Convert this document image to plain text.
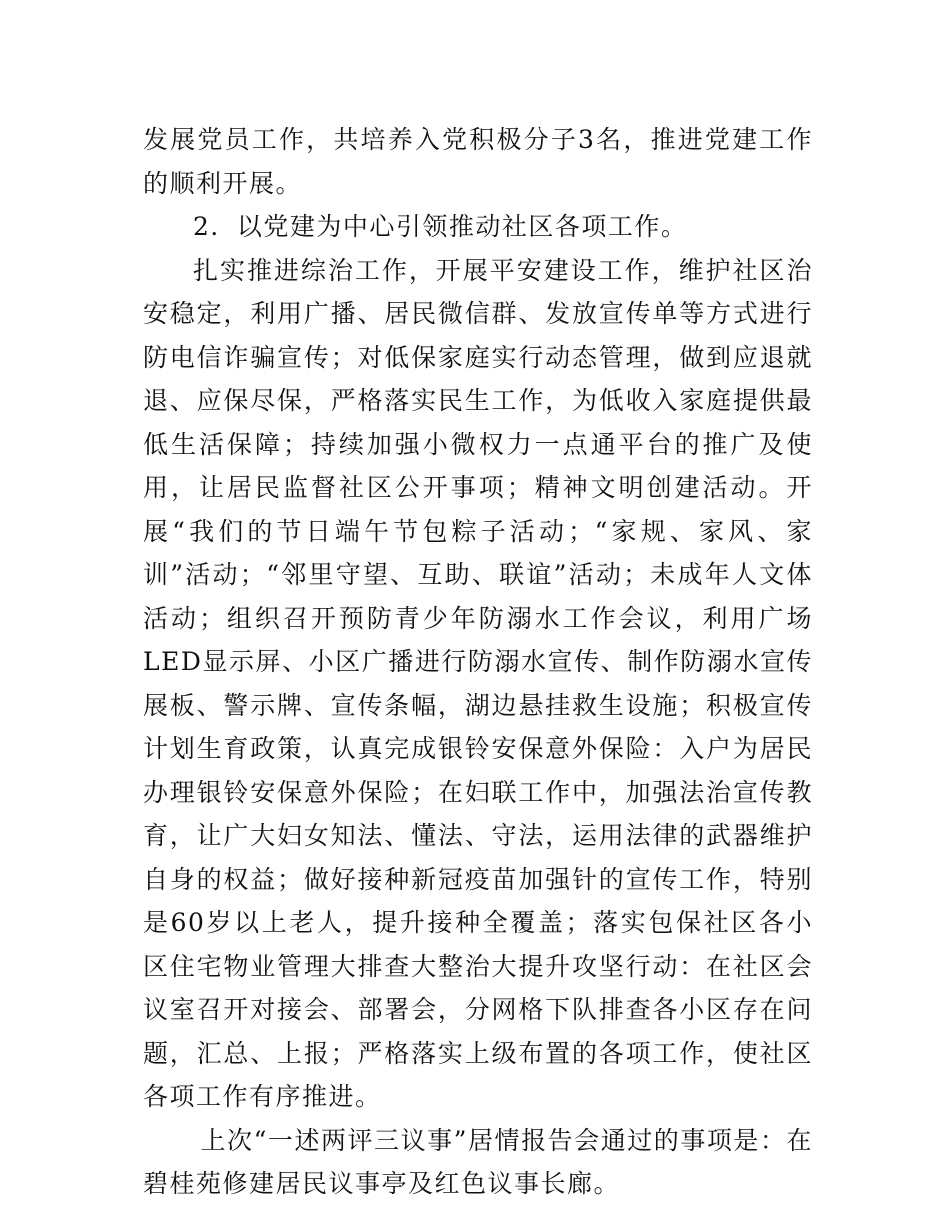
发展党员工作，共培养入党积极分子3名，推进党建工作的顺利开展。

2．以党建为中心引领推动社区各项工作。

扎实推进综治工作，开展平安建设工作，维护社区治安稳定，利用广播、居民微信群、发放宣传单等方式进行防电信诈骗宣传；对低保家庭实行动态管理，做到应退就退、应保尽保，严格落实民生工作，为低收入家庭提供最低生活保障；持续加强小微权力一点通平台的推广及使用，让居民监督社区公开事项；精神文明创建活动。开展“我们的节日端午节包粽子活动；“家规、家风、家训”活动；“邻里守望、互助、联谊”活动；未成年人文体活动；组织召开预防青少年防溺水工作会议，利用广场LED显示屏、小区广播进行防溺水宣传、制作防溺水宣传展板、警示牌、宣传条幅，湖边悬挂救生设施；积极宣传计划生育政策，认真完成银铃安保意外保险：入户为居民办理银铃安保意外保险；在妇联工作中，加强法治宣传教育，让广大妇女知法、懂法、守法，运用法律的武器维护自身的权益；做好接种新冠疫苗加强针的宣传工作，特别是60岁以上老人，提升接种全覆盖；落实包保社区各小区住宅物业管理大排查大整治大提升攻坚行动：在社区会议室召开对接会、部署会，分网格下队排查各小区存在问题，汇总、上报；严格落实上级布置的各项工作，使社区各项工作有序推进。

上次“一述两评三议事”居情报告会通过的事项是：在碧桂苑修建居民议事亭及红色议事长廊。
